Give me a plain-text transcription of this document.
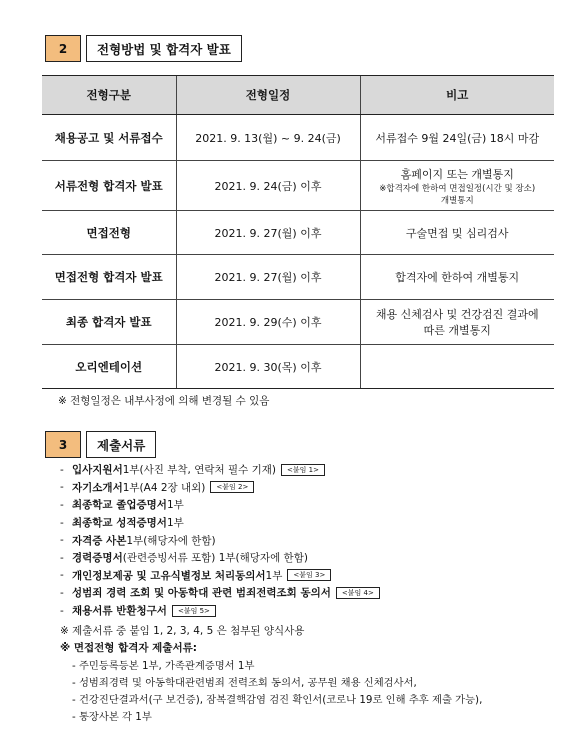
2	전형방법 및 합격자 발표
전형구분	전형일정	비고
채용공고 및 서류접수	2021. 9. 13(월) ~ 9. 24(금)	서류접수 9월 24일(금) 18시 마감
서류전형 합격자 발표	2021. 9. 24(금) 이후	홈페이지 또는 개별통지
※합격자에 한하여 면접일정(시간 및 장소)
개별통지

면접전형	2021. 9. 27(월) 이후	구술면접 및 심리검사
면접전형 합격자 발표	2021. 9. 27(월) 이후	합격자에 한하여 개별통지
최종 합격자 발표	2021. 9. 29(수) 이후	채용 신체검사 및 건강검진 결과에
따른 개별통지

오리엔테이션	2021. 9. 30(목) 이후	
※ 전형일정은 내부사정에 의해 변경될 수 있음
3	제출서류
- 입사지원서 1부(사진 부착, 연락처 필수 기재)	<붙임 1>
- 자기소개서 1부(A4 2장 내외)	<붙임 2>
- 최종학교 졸업증명서 1부
- 최종학교 성적증명서 1부
- 자격증 사본 1부(해당자에 한함)
- 경력증명서 (관련증빙서류 포함) 1부(해당자에 한함)
- 개인정보제공 및 고유식별정보 처리동의서 1부	<붙임 3>
- 성범죄 경력 조회 및 아동학대 관련 범죄전력조회 동의서	<붙임 4>
- 채용서류 반환청구서	<붙임 5>
※ 제출서류 중 붙임 1, 2, 3, 4, 5 은 첨부된 양식사용
※ 면접전형 합격자 제출서류:
- 주민등록등본 1부, 가족관계증명서 1부
- 성범죄경력 및 아동학대관련범죄 전력조회 동의서, 공무원 채용 신체검사서,
- 건강진단결과서(구 보건증), 잠복결핵감염 검진 확인서(코로나 19로 인해 추후 제출 가능),
- 통장사본 각 1부
